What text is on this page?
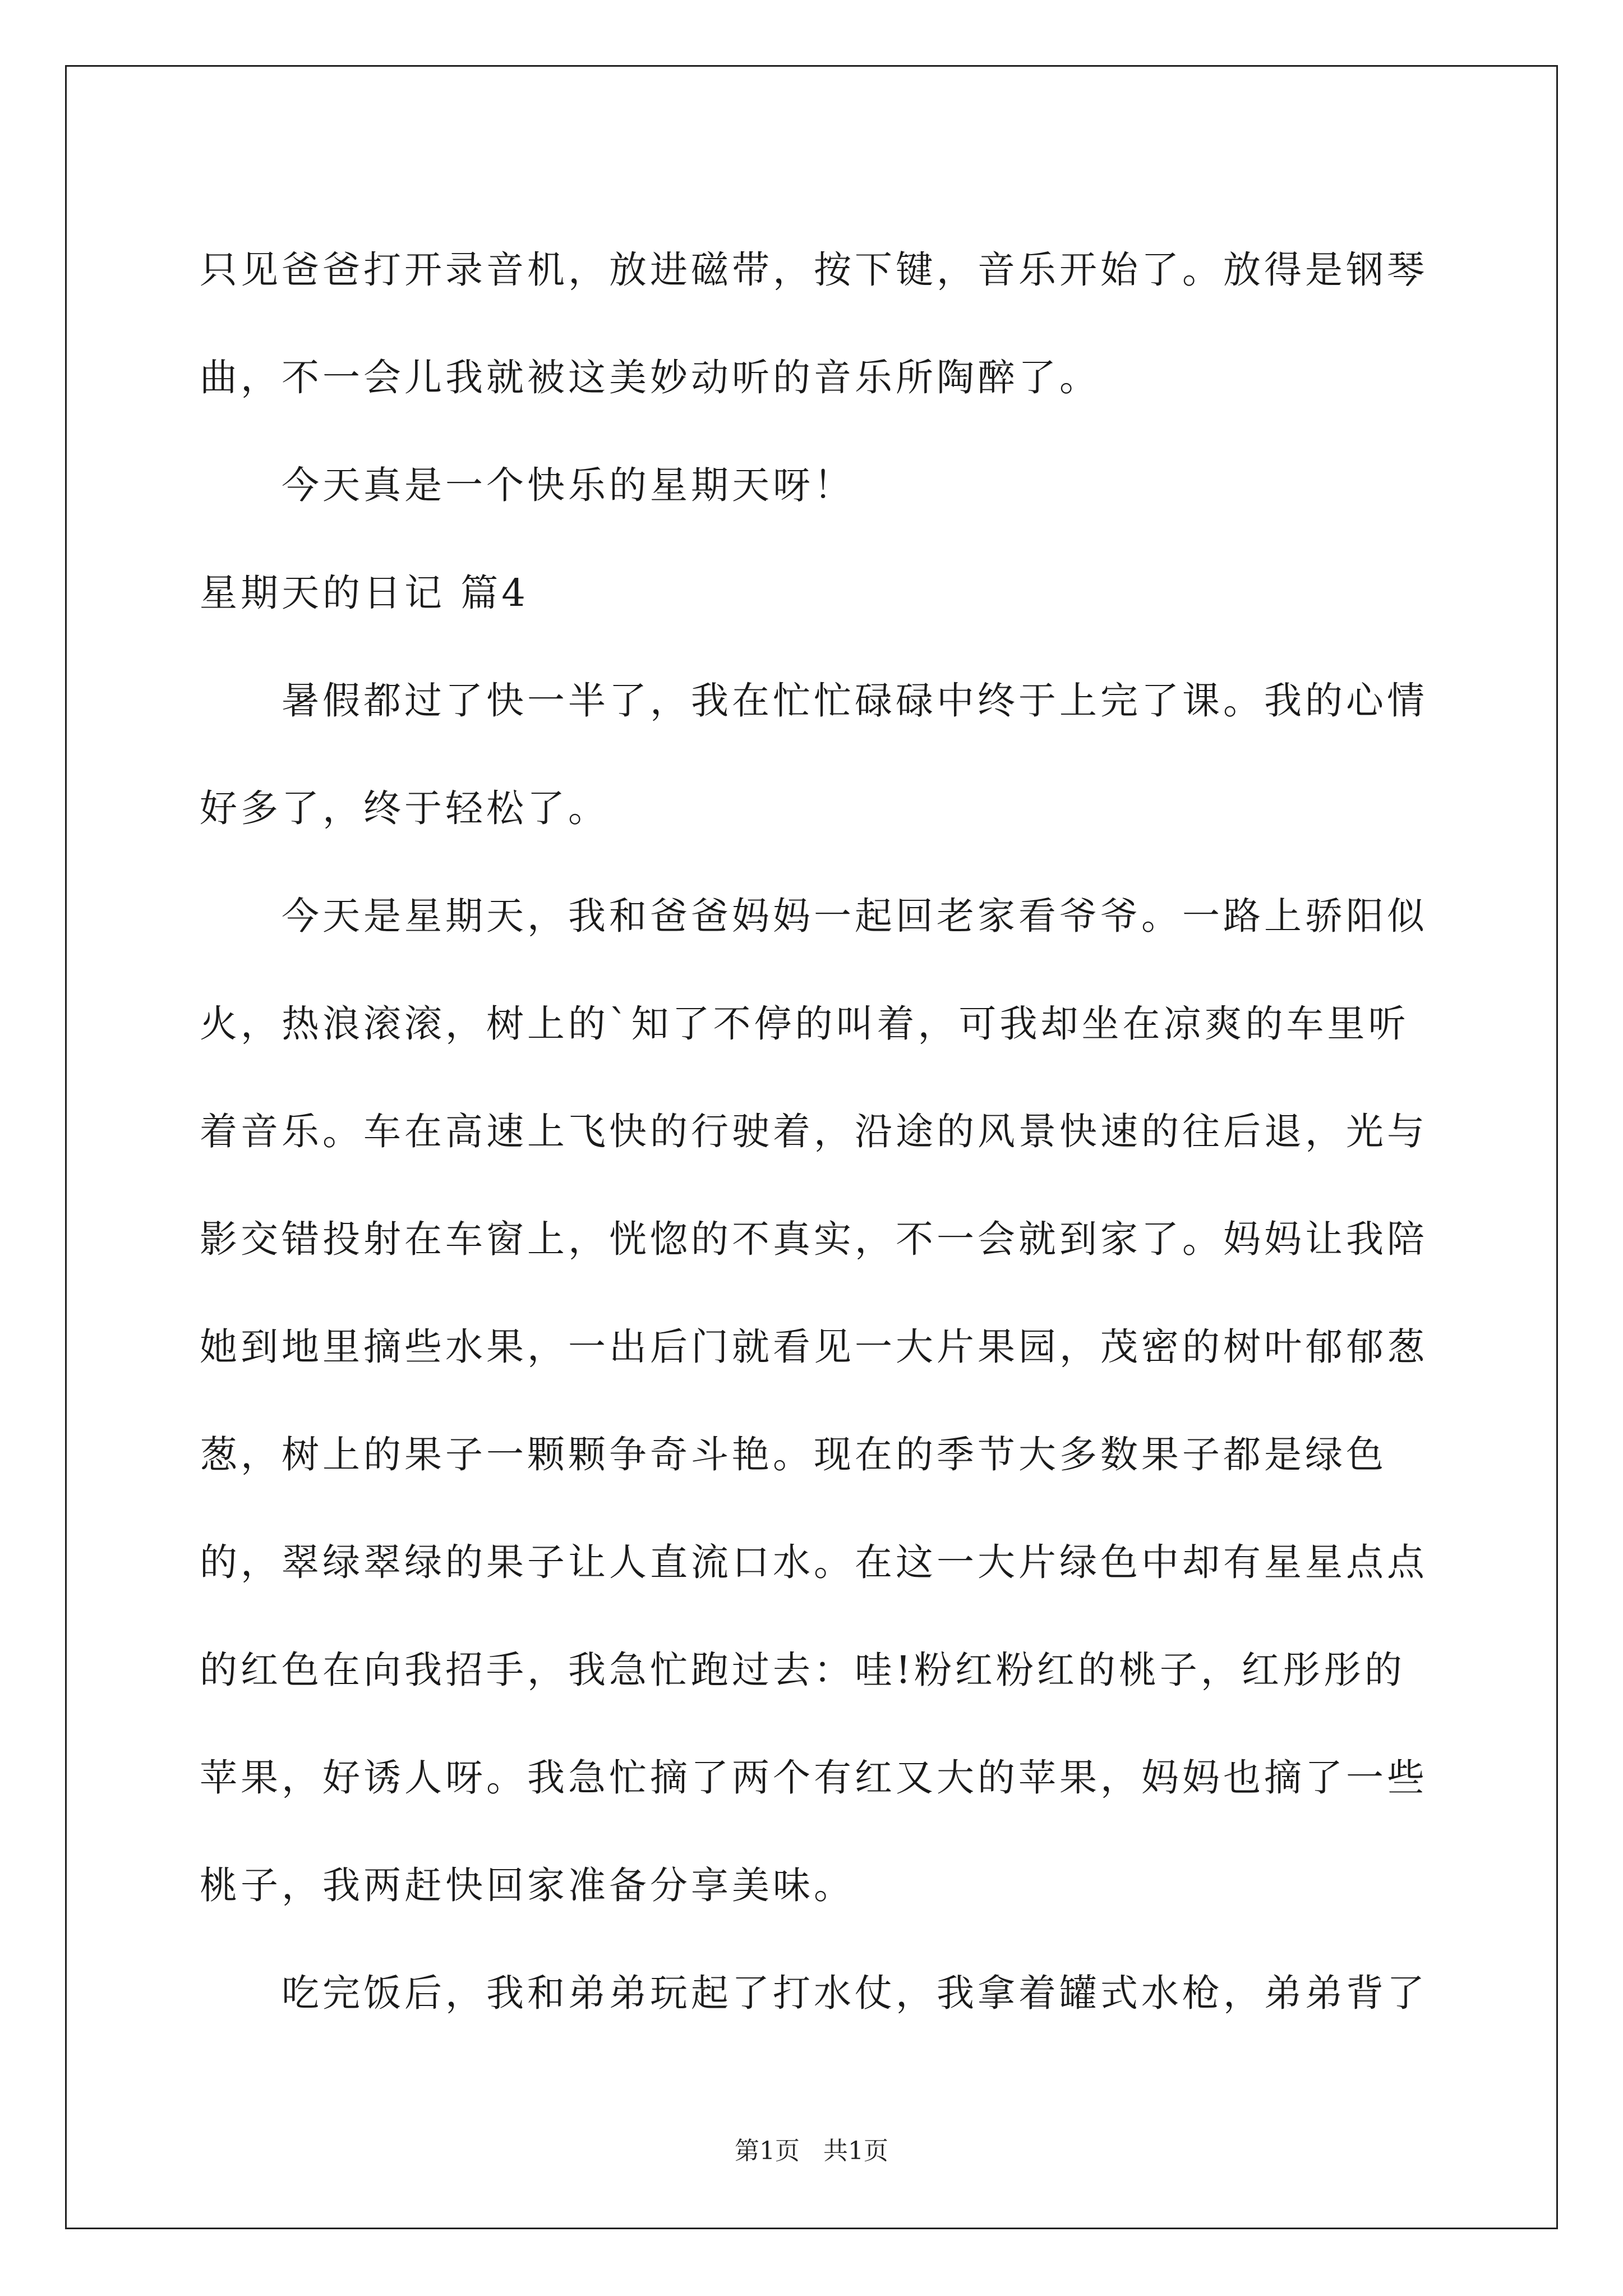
只见爸爸打开录音机，放进磁带，按下键，音乐开始了。放得是钢琴曲，不一会儿我就被这美妙动听的音乐所陶醉了。

今天真是一个快乐的星期天呀！

星期天的日记 篇4

暑假都过了快一半了，我在忙忙碌碌中终于上完了课。我的心情好多了，终于轻松了。

今天是星期天，我和爸爸妈妈一起回老家看爷爷。一路上骄阳似火，热浪滚滚，树上的`知了不停的叫着，可我却坐在凉爽的车里听着音乐。车在高速上飞快的行驶着，沿途的风景快速的往后退，光与影交错投射在车窗上，恍惚的不真实，不一会就到家了。妈妈让我陪她到地里摘些水果，一出后门就看见一大片果园，茂密的树叶郁郁葱葱，树上的果子一颗颗争奇斗艳。现在的季节大多数果子都是绿色的，翠绿翠绿的果子让人直流口水。在这一大片绿色中却有星星点点的红色在向我招手，我急忙跑过去：哇!粉红粉红的桃子，红彤彤的苹果，好诱人呀。我急忙摘了两个有红又大的苹果，妈妈也摘了一些桃子，我两赶快回家准备分享美味。

吃完饭后，我和弟弟玩起了打水仗，我拿着罐式水枪，弟弟背了

第1页   共1页
